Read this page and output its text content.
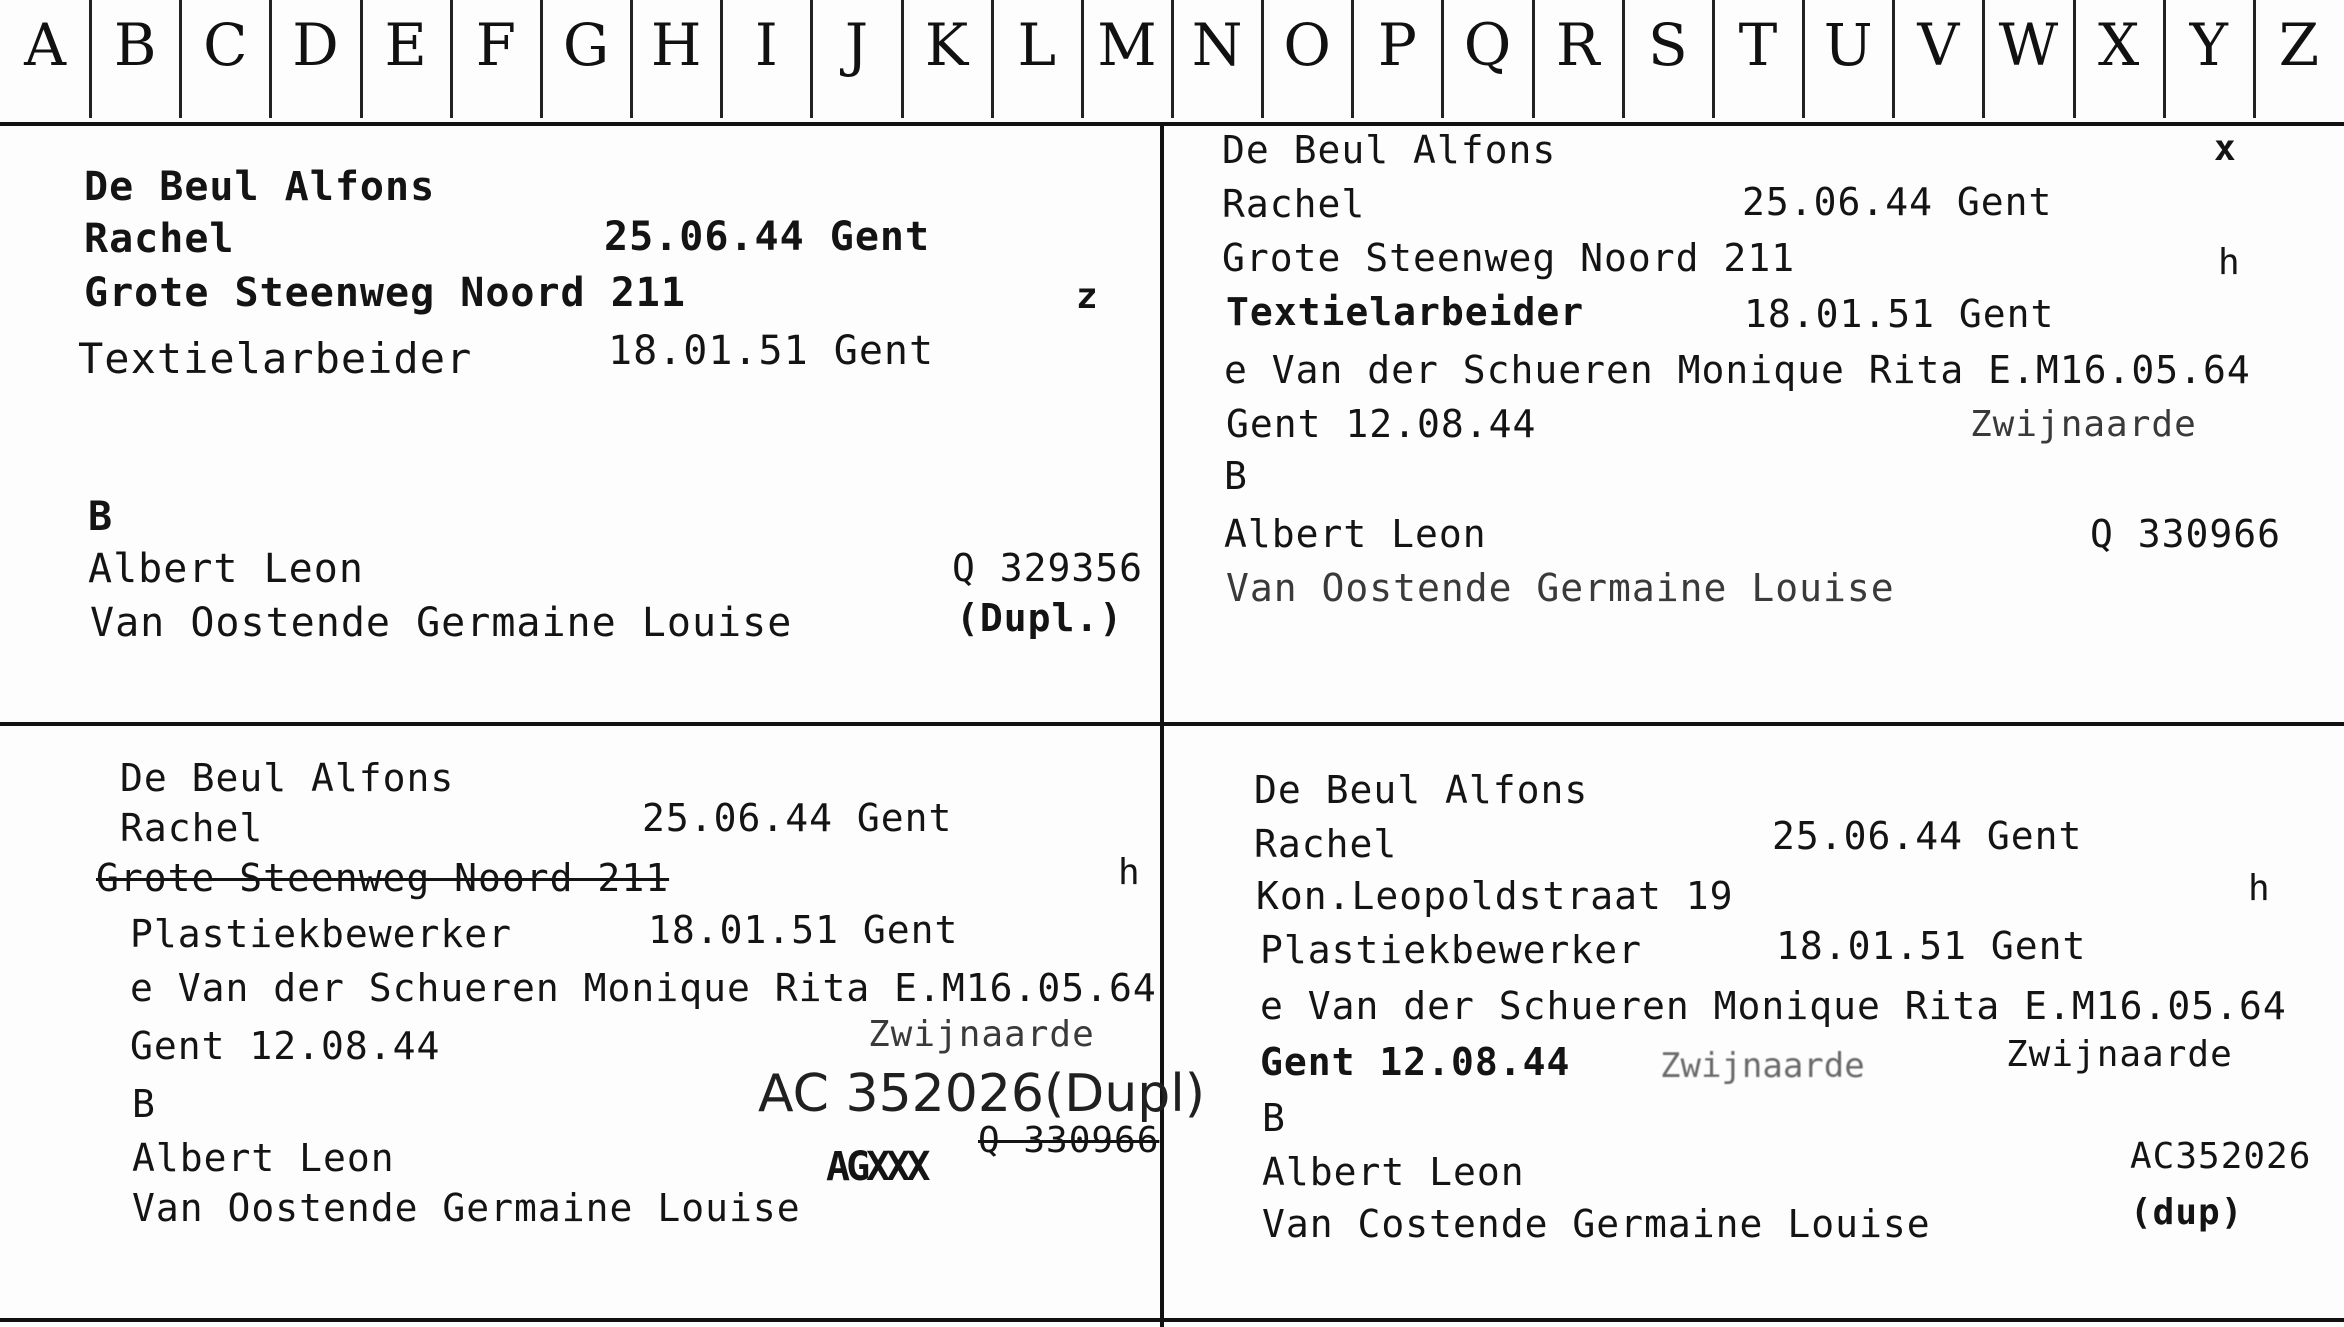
A B C D E F G H I	J K L M N O P Q R S T U V W X Y Z
De Beul Alfons
Rachel	25.06.44 Gent
Grote Steenweg Noord 211	z
Textielarbeider	18.01.51 Gent
B
Albert Leon	Q 329356
Van Oostende Germaine Louise	(Dupl.)
De Beul Alfons	x
Rachel	25.06.44 Gent
Grote Steenweg Noord 211	h
Textielarbeider	18.01.51 Gent
e Van der Schueren Monique Rita E.M16.05.64
Gent 12.08.44	Zwijnaarde
B
Albert Leon	Q 330966
Van Oostende Germaine Louise
De Beul Alfons
Rachel	25.06.44 Gent
Grote Steenweg Noord 211	h
Plastiekbewerker	18.01.51 Gent
e Van der Schueren Monique Rita E.M16.05.64
Gent 12.08.44	Zwijnaarde
B	AC 352026(Dupl)
Albert Leon	AGXXX
Q 330966
Van Oostende Germaine Louise
De Beul Alfons
Rachel	25.06.44 Gent
Kon.Leopoldstraat 19	h
Plastiekbewerker	18.01.51 Gent
e Van der Schueren Monique Rita E.M16.05.64
Gent 12.08.44	Zwijnaarde	Zwijnaarde
B
Albert Leon	AC352026
Van Costende Germaine Louise	(dup)
